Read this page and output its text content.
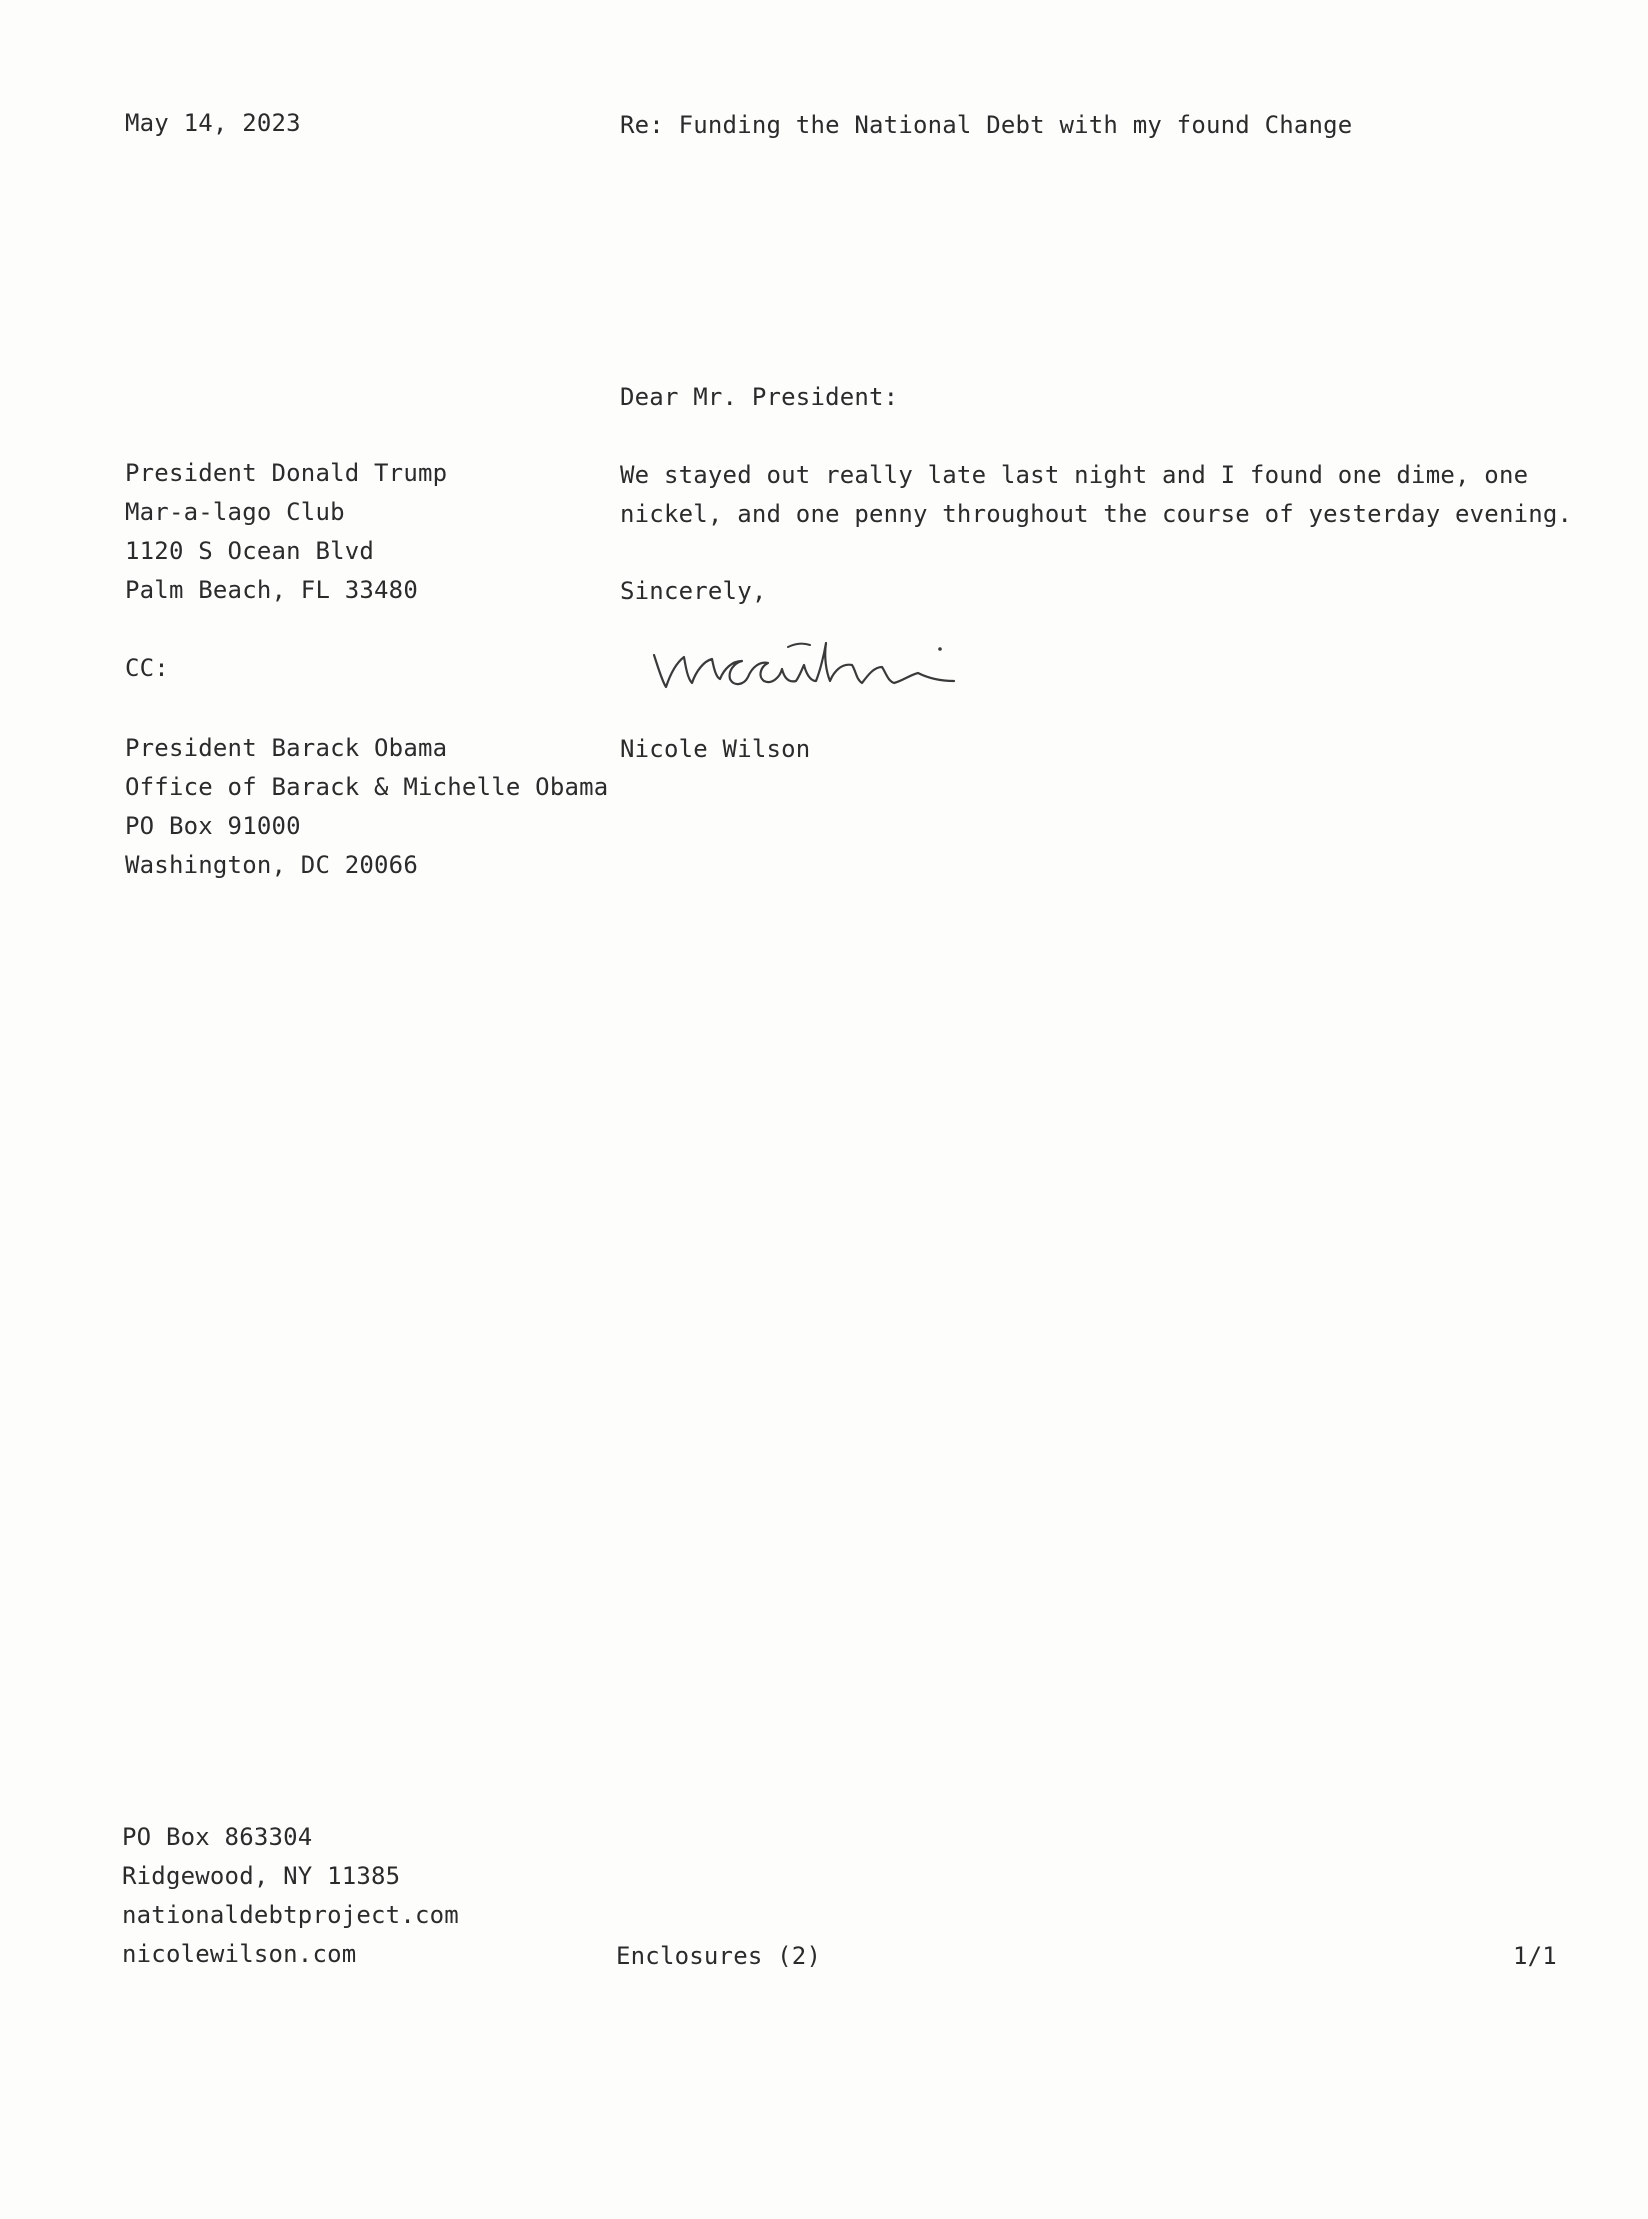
May 14, 2023	Re: Funding the National Debt with my found Change
Dear Mr. President:
President Donald Trump
Mar-a-lago Club
1120 S Ocean Blvd
Palm Beach, FL 33480
We stayed out really late last night and I found one dime, one
nickel, and one penny throughout the course of yesterday evening.
Sincerely,
CC:
Nicole Wilson
President Barack Obama
Office of Barack & Michelle Obama
PO Box 91000
Washington, DC 20066
PO Box 863304
Ridgewood, NY 11385
nationaldebtproject.com
nicolewilson.com	Enclosures (2)	1/1
